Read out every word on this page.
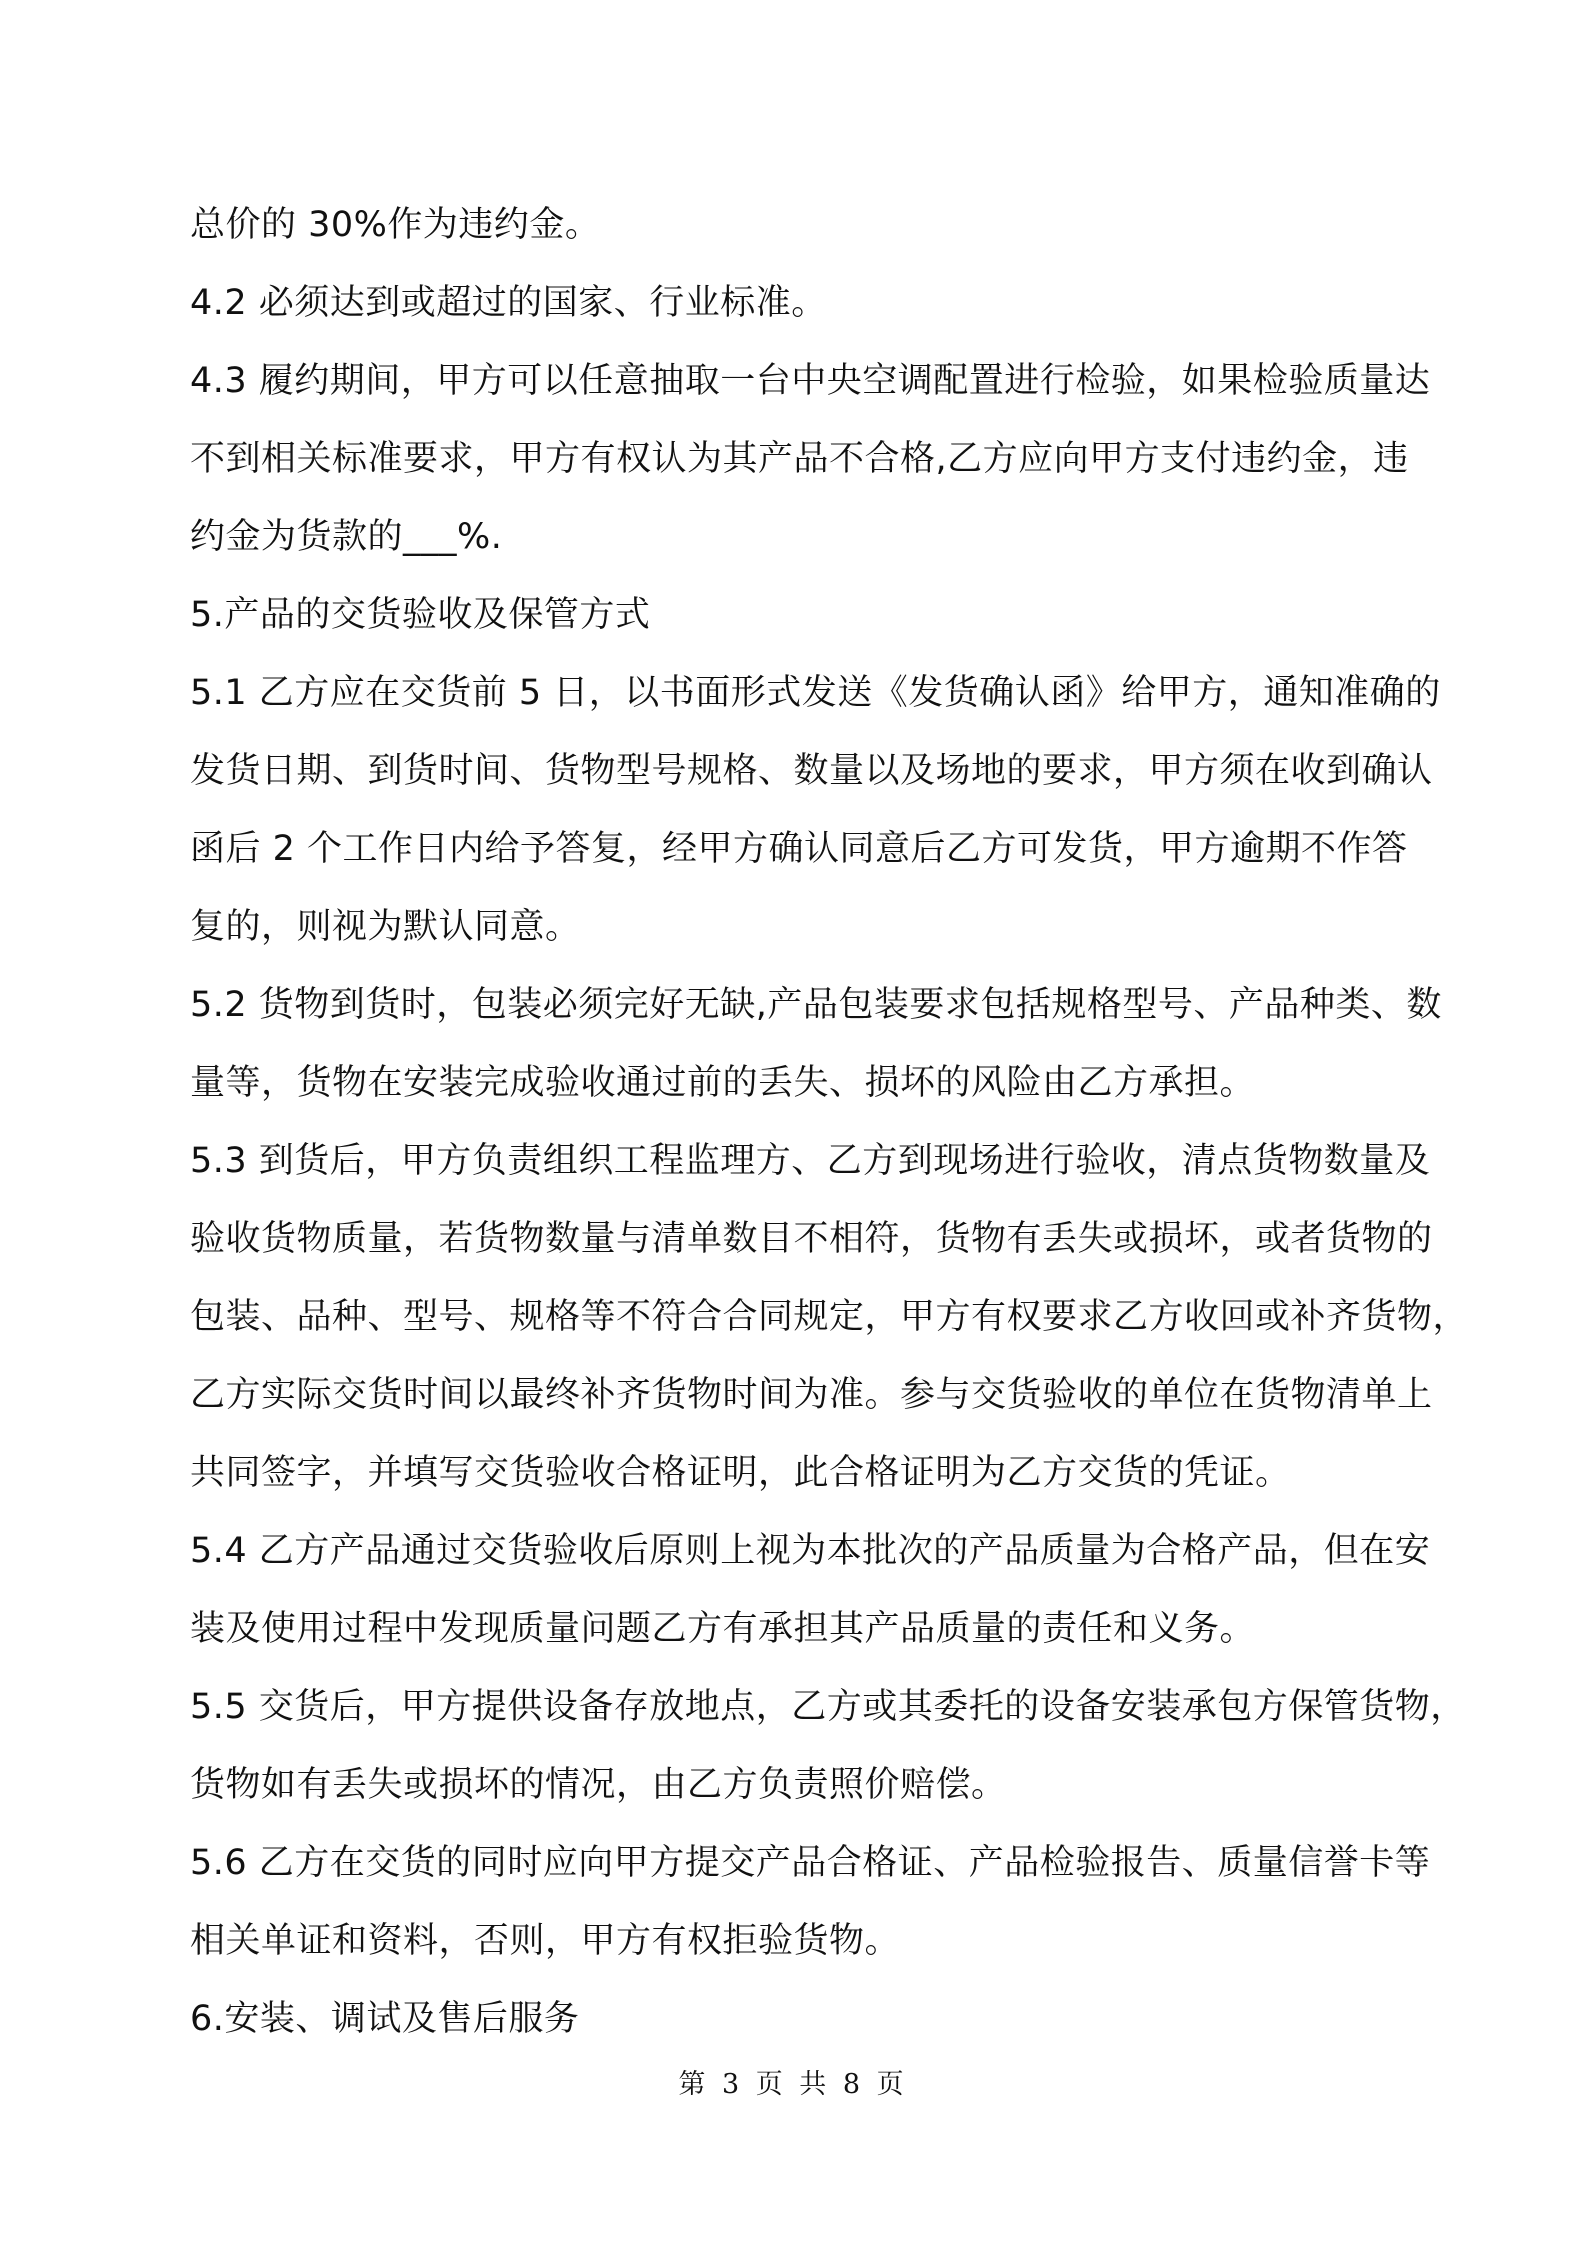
总价的 30%作为违约金。
4.2 必须达到或超过的国家、行业标准。
4.3 履约期间，甲方可以任意抽取一台中央空调配置进行检验，如果检验质量达
不到相关标准要求，甲方有权认为其产品不合格,乙方应向甲方支付违约金，违
约金为货款的___%.
5.产品的交货验收及保管方式
5.1 乙方应在交货前 5 日，以书面形式发送《发货确认函》给甲方，通知准确的
发货日期、到货时间、货物型号规格、数量以及场地的要求，甲方须在收到确认
函后 2 个工作日内给予答复，经甲方确认同意后乙方可发货，甲方逾期不作答
复的，则视为默认同意。
5.2 货物到货时，包装必须完好无缺,产品包装要求包括规格型号、产品种类、数
量等，货物在安装完成验收通过前的丢失、损坏的风险由乙方承担。
5.3 到货后，甲方负责组织工程监理方、乙方到现场进行验收，清点货物数量及
验收货物质量，若货物数量与清单数目不相符，货物有丢失或损坏，或者货物的
包装、品种、型号、规格等不符合合同规定，甲方有权要求乙方收回或补齐货物，
乙方实际交货时间以最终补齐货物时间为准。参与交货验收的单位在货物清单上
共同签字，并填写交货验收合格证明，此合格证明为乙方交货的凭证。
5.4 乙方产品通过交货验收后原则上视为本批次的产品质量为合格产品，但在安
装及使用过程中发现质量问题乙方有承担其产品质量的责任和义务。
5.5 交货后，甲方提供设备存放地点，乙方或其委托的设备安装承包方保管货物，
货物如有丢失或损坏的情况，由乙方负责照价赔偿。
5.6 乙方在交货的同时应向甲方提交产品合格证、产品检验报告、质量信誉卡等
相关单证和资料，否则，甲方有权拒验货物。
6.安装、调试及售后服务
第 3 页 共 8 页
